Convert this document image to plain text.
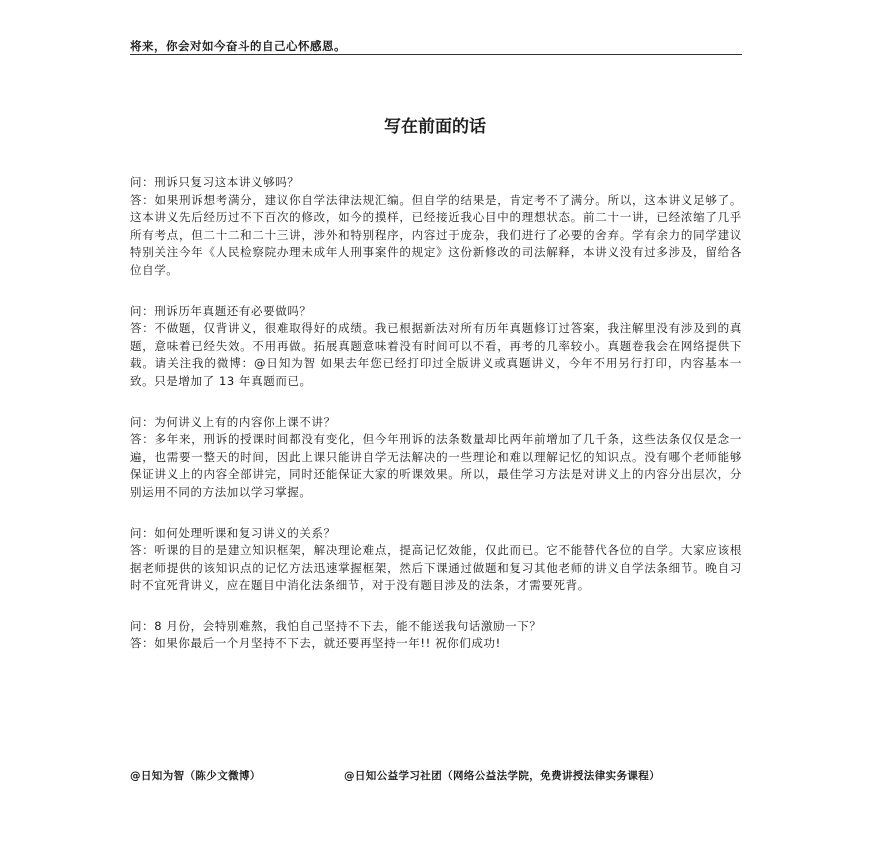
将来，你会对如今奋斗的自己心怀感恩。
写在前面的话

问：刑诉只复习这本讲义够吗？

答：如果刑诉想考满分，建议你自学法律法规汇编。但自学的结果是，肯定考不了满分。所以，这本讲义足够了。这本讲义先后经历过不下百次的修改，如今的摸样，已经接近我心目中的理想状态。前二十一讲，已经浓缩了几乎所有考点，但二十二和二十三讲，涉外和特别程序，内容过于庞杂，我们进行了必要的舍弃。学有余力的同学建议特别关注今年《人民检察院办理未成年人刑事案件的规定》这份新修改的司法解释，本讲义没有过多涉及，留给各位自学。

问：刑诉历年真题还有必要做吗？

答：不做题，仅背讲义，很难取得好的成绩。我已根据新法对所有历年真题修订过答案，我注解里没有涉及到的真题，意味着已经失效。不用再做。拓展真题意味着没有时间可以不看，再考的几率较小。真题卷我会在网络提供下载。请关注我的微博：@日知为智 如果去年您已经打印过全版讲义或真题讲义，今年不用另行打印，内容基本一致。只是增加了 13 年真题而已。

问：为何讲义上有的内容你上课不讲？

答：多年来，刑诉的授课时间都没有变化，但今年刑诉的法条数量却比两年前增加了几千条，这些法条仅仅是念一遍，也需要一整天的时间，因此上课只能讲自学无法解决的一些理论和难以理解记忆的知识点。没有哪个老师能够保证讲义上的内容全部讲完，同时还能保证大家的听课效果。所以，最佳学习方法是对讲义上的内容分出层次，分别运用不同的方法加以学习掌握。

问：如何处理听课和复习讲义的关系？

答：听课的目的是建立知识框架，解决理论难点，提高记忆效能，仅此而已。它不能替代各位的自学。大家应该根据老师提供的该知识点的记忆方法迅速掌握框架，然后下课通过做题和复习其他老师的讲义自学法条细节。晚自习时不宜死背讲义，应在题目中消化法条细节，对于没有题目涉及的法条，才需要死背。

问：8 月份，会特别难熬，我怕自己坚持不下去，能不能送我句话激励一下？

答：如果你最后一个月坚持不下去，就还要再坚持一年!! 祝你们成功!

@日知为智（陈少文微博）	@日知公益学习社团（网络公益法学院，免费讲授法律实务课程）
